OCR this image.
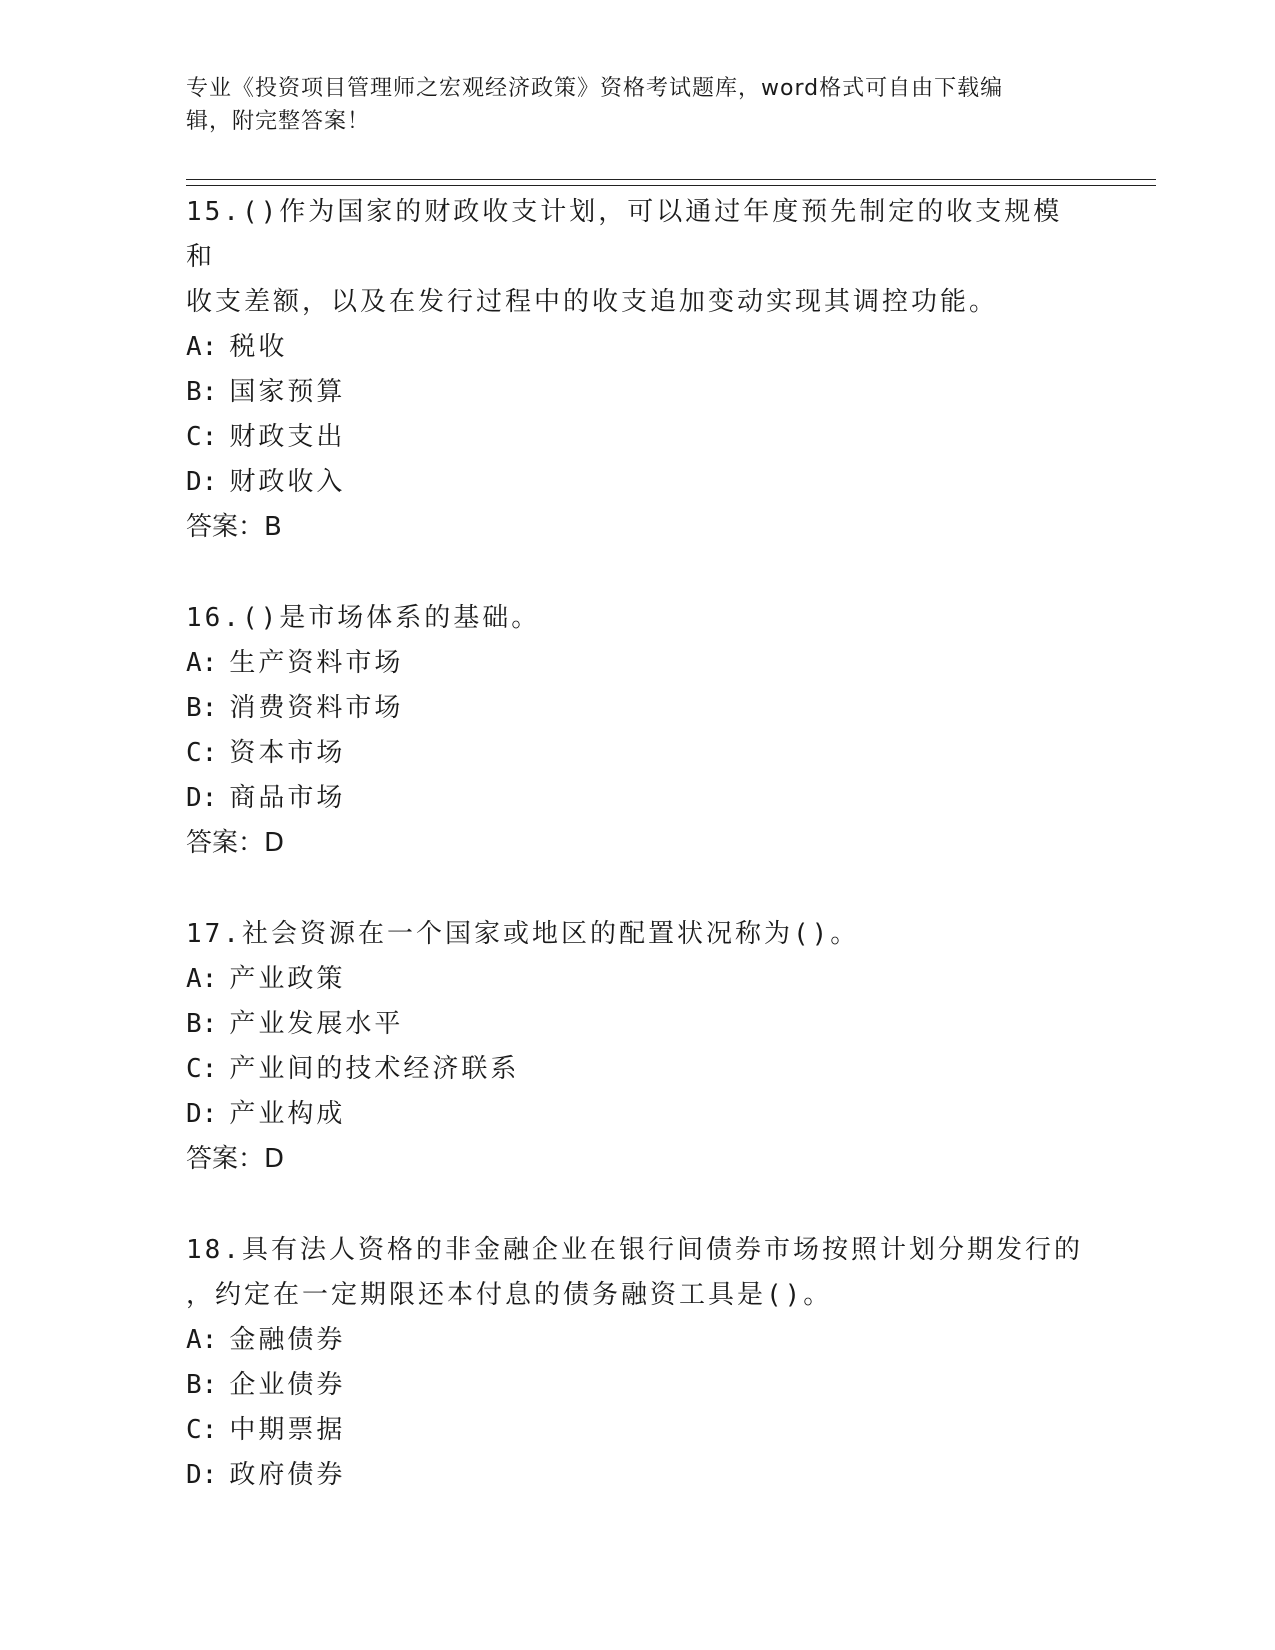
专业《投资项目管理师之宏观经济政策》资格考试题库，word格式可自由下载编
辑，附完整答案！

15.()作为国家的财政收支计划，可以通过年度预先制定的收支规模和
收支差额，以及在发行过程中的收支追加变动实现其调控功能。

A: 税收

B: 国家预算

C: 财政支出

D: 财政收入

答案：B

16.()是市场体系的基础。

A: 生产资料市场

B: 消费资料市场

C: 资本市场

D: 商品市场

答案：D

17.社会资源在一个国家或地区的配置状况称为()。

A: 产业政策

B: 产业发展水平

C: 产业间的技术经济联系

D: 产业构成

答案：D

18.具有法人资格的非金融企业在银行间债券市场按照计划分期发行的
，约定在一定期限还本付息的债务融资工具是()。

A: 金融债券

B: 企业债券

C: 中期票据

D: 政府债券
